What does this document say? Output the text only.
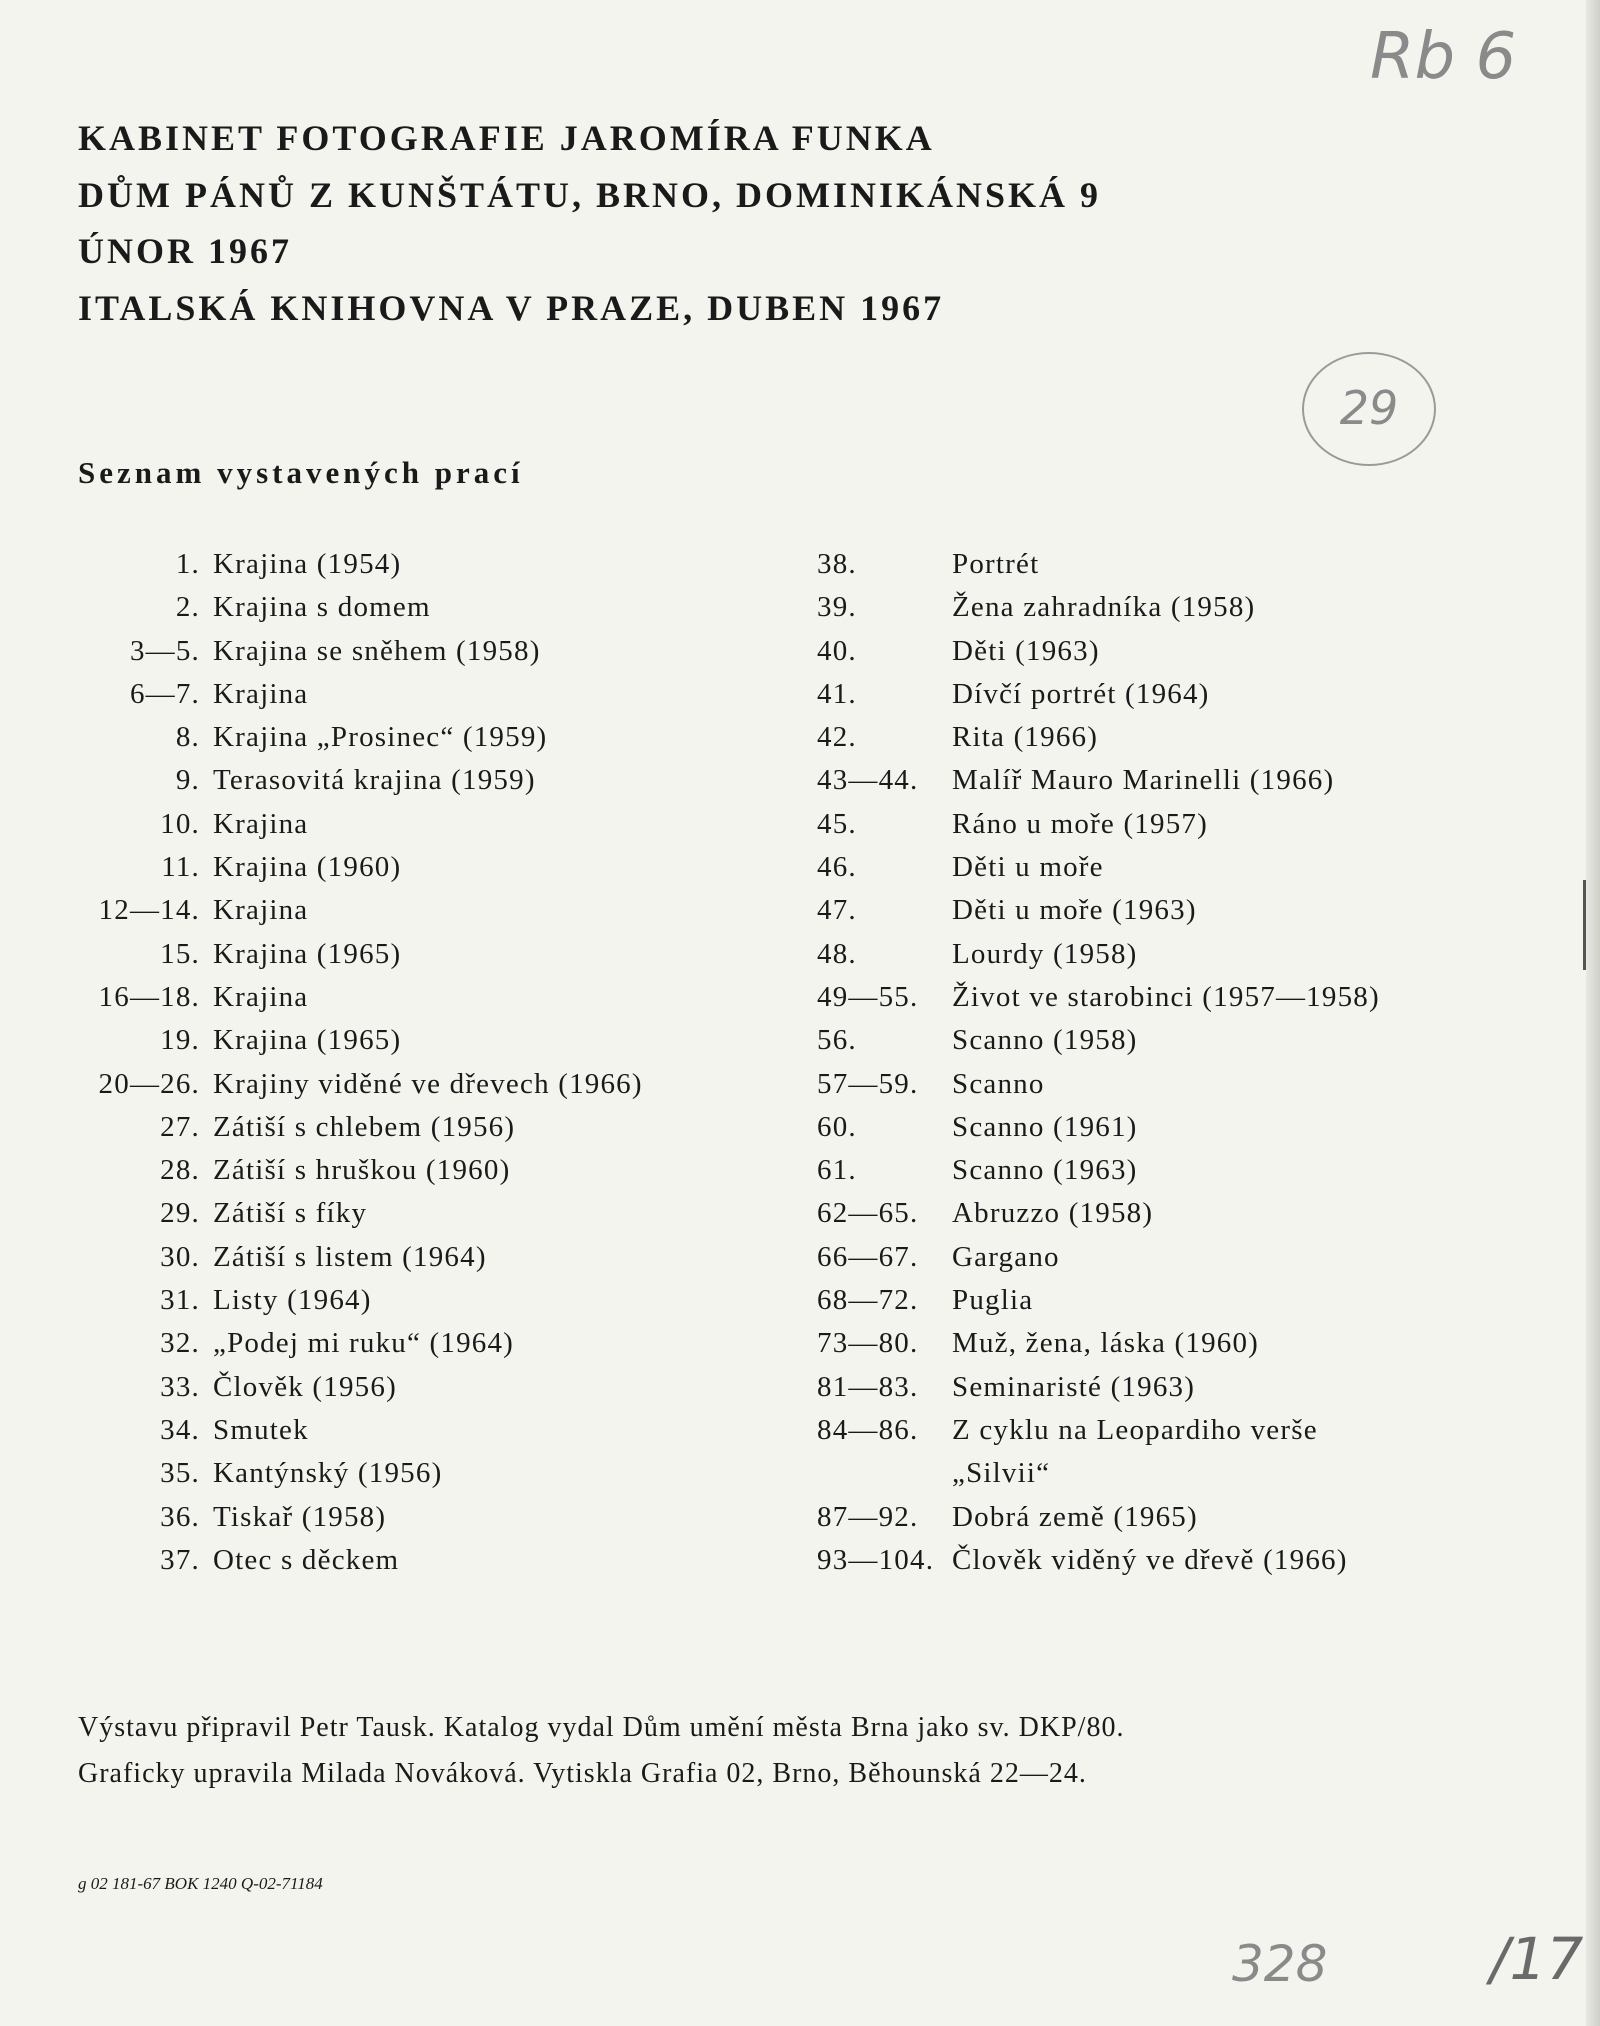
KABINET FOTOGRAFIE JAROMÍRA FUNKA
DŮM PÁNŮ Z KUNŠTÁTU, BRNO, DOMINIKÁNSKÁ 9
ÚNOR 1967
ITALSKÁ KNIHOVNA V PRAZE, DUBEN 1967
Seznam vystavených prací
1. Krajina (1954)
2. Krajina s domem
3—5. Krajina se sněhem (1958)
6—7. Krajina
8. Krajina „Prosinec“ (1959)
9. Terasovitá krajina (1959)
10. Krajina
11. Krajina (1960)
12—14. Krajina
15. Krajina (1965)
16—18. Krajina
19. Krajina (1965)
20—26. Krajiny viděné ve dřevech (1966)
27. Zátiší s chlebem (1956)
28. Zátiší s hruškou (1960)
29. Zátiší s fíky
30. Zátiší s listem (1964)
31. Listy (1964)
32. „Podej mi ruku“ (1964)
33. Člověk (1956)
34. Smutek
35. Kantýnský (1956)
36. Tiskař (1958)
37. Otec s děckem
38.	Portrét
39.	Žena zahradníka (1958)
40.	Děti (1963)
41.	Dívčí portrét (1964)
42.	Rita (1966)
43—44. Malíř Mauro Marinelli (1966)
45.	Ráno u moře (1957)
46.	Děti u moře
47.	Děti u moře (1963)
48.	Lourdy (1958)
49—55. Život ve starobinci (1957—1958)
56.	Scanno (1958)
57—59. Scanno
60.	Scanno (1961)
61.	Scanno (1963)
62—65. Abruzzo (1958)
66—67. Gargano
68—72. Puglia
73—80. Muž, žena, láska (1960)
81—83. Seminaristé (1963)
84—86. Z cyklu na Leopardiho verše
„Silvii“
87—92. Dobrá země (1965)
93—104. Člověk viděný ve dřevě (1966)
Výstavu připravil Petr Tausk. Katalog vydal Dům umění města Brna jako sv. DKP/80.
Graficky upravila Milada Nováková. Vytiskla Grafia 02, Brno, Běhounská 22—24.
g 02 181-67 BOK 1240 Q-02-71184
Rb 6
29
328	/17
